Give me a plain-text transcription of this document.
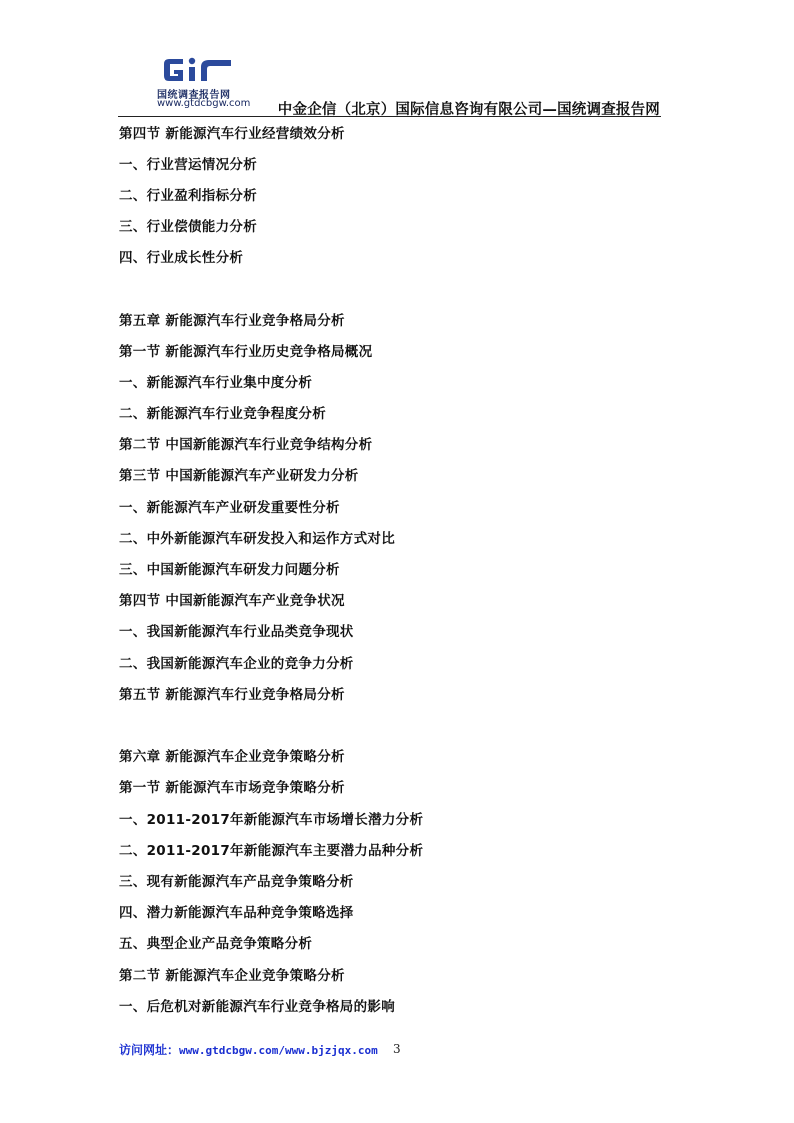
国统调查报告网
www.gtdcbgw.com 中金企信（北京）国际信息咨询有限公司—国统调查报告网
第四节 新能源汽车行业经营绩效分析
一、行业营运情况分析
二、行业盈利指标分析
三、行业偿债能力分析
四、行业成长性分析
第五章 新能源汽车行业竞争格局分析
第一节 新能源汽车行业历史竞争格局概况
一、新能源汽车行业集中度分析
二、新能源汽车行业竞争程度分析
第二节 中国新能源汽车行业竞争结构分析
第三节 中国新能源汽车产业研发力分析
一、新能源汽车产业研发重要性分析
二、中外新能源汽车研发投入和运作方式对比
三、中国新能源汽车研发力问题分析
第四节 中国新能源汽车产业竞争状况
一、我国新能源汽车行业品类竞争现状
二、我国新能源汽车企业的竞争力分析
第五节 新能源汽车行业竞争格局分析
第六章 新能源汽车企业竞争策略分析
第一节 新能源汽车市场竞争策略分析
一、2011-2017年新能源汽车市场增长潜力分析
二、2011-2017年新能源汽车主要潜力品种分析
三、现有新能源汽车产品竞争策略分析
四、潜力新能源汽车品种竞争策略选择
五、典型企业产品竞争策略分析
第二节 新能源汽车企业竞争策略分析
一、后危机对新能源汽车行业竞争格局的影响
访问网址：www.gtdcbgw.com/www.bjzjqx.com 3
